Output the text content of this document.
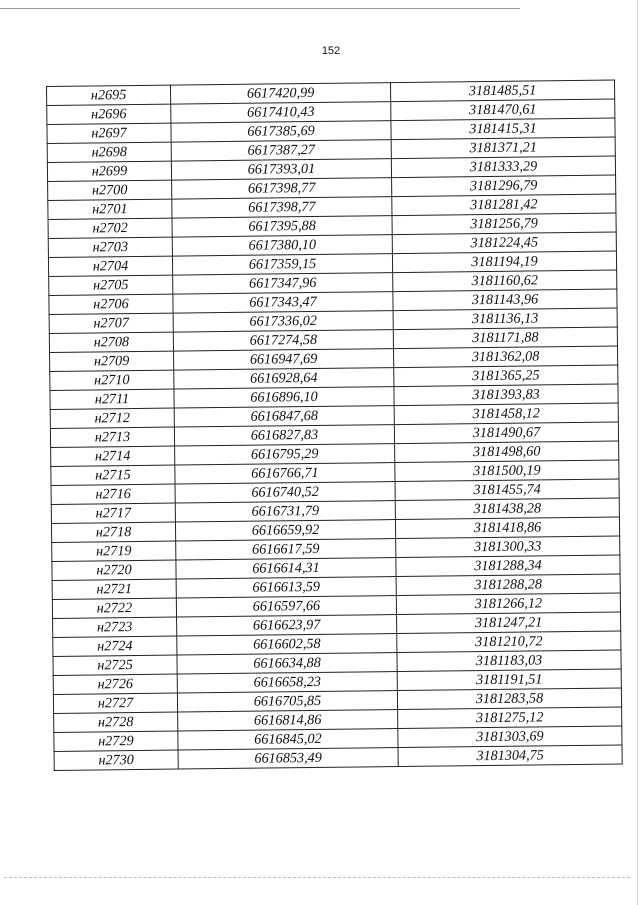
152
н2695	6617420,99	3181485,51
н2696	6617410,43	3181470,61
н2697	6617385,69	3181415,31
н2698	6617387,27	3181371,21
н2699	6617393,01	3181333,29
н2700	6617398,77	3181296,79
н2701	6617398,77	3181281,42
н2702	6617395,88	3181256,79
н2703	6617380,10	3181224,45
н2704	6617359,15	3181194,19
н2705	6617347,96	3181160,62
н2706	6617343,47	3181143,96
н2707	6617336,02	3181136,13
н2708	6617274,58	3181171,88
н2709	6616947,69	3181362,08
н2710	6616928,64	3181365,25
н2711	6616896,10	3181393,83
н2712	6616847,68	3181458,12
н2713	6616827,83	3181490,67
н2714	6616795,29	3181498,60
н2715	6616766,71	3181500,19
н2716	6616740,52	3181455,74
н2717	6616731,79	3181438,28
н2718	6616659,92	3181418,86
н2719	6616617,59	3181300,33
н2720	6616614,31	3181288,34
н2721	6616613,59	3181288,28
н2722	6616597,66	3181266,12
н2723	6616623,97	3181247,21
н2724	6616602,58	3181210,72
н2725	6616634,88	3181183,03
н2726	6616658,23	3181191,51
н2727	6616705,85	3181283,58
н2728	6616814,86	3181275,12
н2729	6616845,02	3181303,69
н2730	6616853,49	3181304,75
